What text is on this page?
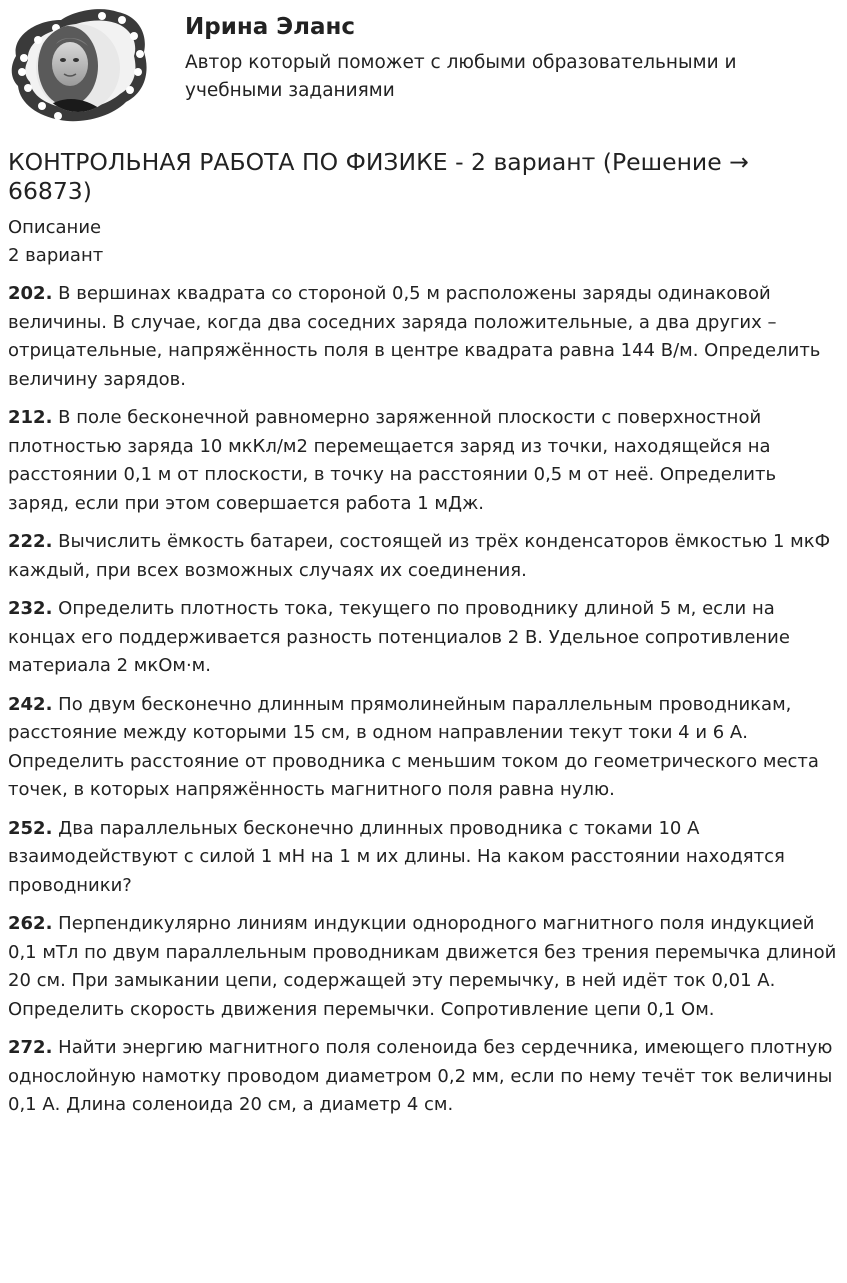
Ирина Эланс
Автор который поможет с любыми образовательными и учебными заданиями
КОНТРОЛЬНАЯ РАБОТА ПО ФИЗИКЕ - 2 вариант (Решение → 66873)

Описание

2 вариант

202. В вершинах квадрата со стороной 0,5 м расположены заряды одинаковой величины. В случае, когда два соседних заряда положительные, а два других – отрицательные, напряжённость поля в центре квадрата равна 144 В/м. Определить величину зарядов.

212. В поле бесконечной равномерно заряженной плоскости с поверхностной плотностью заряда 10 мкКл/м2 перемещается заряд из точки, находящейся на расстоянии 0,1 м от плоскости, в точку на расстоянии 0,5 м от неё. Определить заряд, если при этом совершается работа 1 мДж.

222. Вычислить ёмкость батареи, состоящей из трёх конденсаторов ёмкостью 1 мкФ каждый, при всех возможных случаях их соединения.

232. Определить плотность тока, текущего по проводнику длиной 5 м, если на концах его поддерживается разность потенциалов 2 В. Удельное сопротивление материала 2 мкОм·м.

242. По двум бесконечно длинным прямолинейным параллельным проводникам, расстояние между которыми 15 см, в одном направлении текут токи 4 и 6 А. Определить расстояние от проводника с меньшим током до геометрического места точек, в которых напряжённость магнитного поля равна нулю.

252. Два параллельных бесконечно длинных проводника с токами 10 А взаимодействуют с силой 1 мН на 1 м их длины. На каком расстоянии находятся проводники?

262. Перпендикулярно линиям индукции однородного магнитного поля индукцией 0,1 мТл по двум параллельным проводникам движется без трения перемычка длиной 20 см. При замыкании цепи, содержащей эту перемычку, в ней идёт ток 0,01 А. Определить скорость движения перемычки. Сопротивление цепи 0,1 Ом.

272. Найти энергию магнитного поля соленоида без сердечника, имеющего плотную однослойную намотку проводом диаметром 0,2 мм, если по нему течёт ток величины 0,1 А. Длина соленоида 20 см, а диаметр 4 см.
